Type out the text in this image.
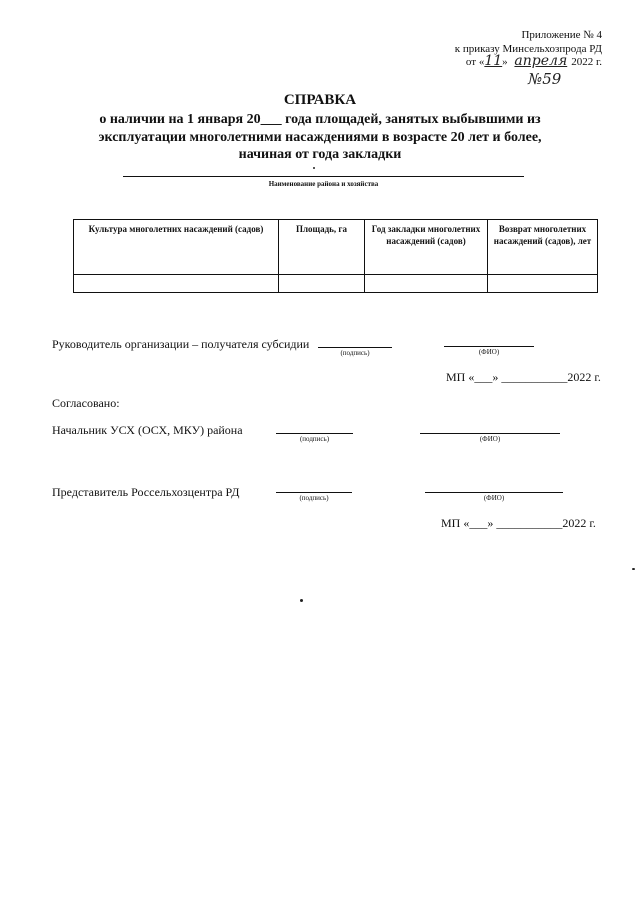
Приложение № 4
к приказу Минсельхозпрода РД
от «11» апреля 2022 г.
№59
СПРАВКА
о наличии на 1 января 20___ года площадей, занятых выбывшими из
эксплуатации многолетними насаждениями в возрасте 20 лет и более,
начиная от года закладки
Наименование района и хозяйства
Культура многолетних насаждений (садов)	Площадь, га	Год закладки многолетних насаждений (садов)	Возврат многолетних насаждений (садов), лет

Руководитель организации – получателя субсидии
(подпись)	(ФИО)
МП «___» ___________2022 г.
Согласовано:
Начальник УСХ (ОСХ, МКУ) района
(подпись)	(ФИО)
Представитель Россельхозцентра РД	(подпись)	(ФИО)
МП «___» ___________2022 г.
